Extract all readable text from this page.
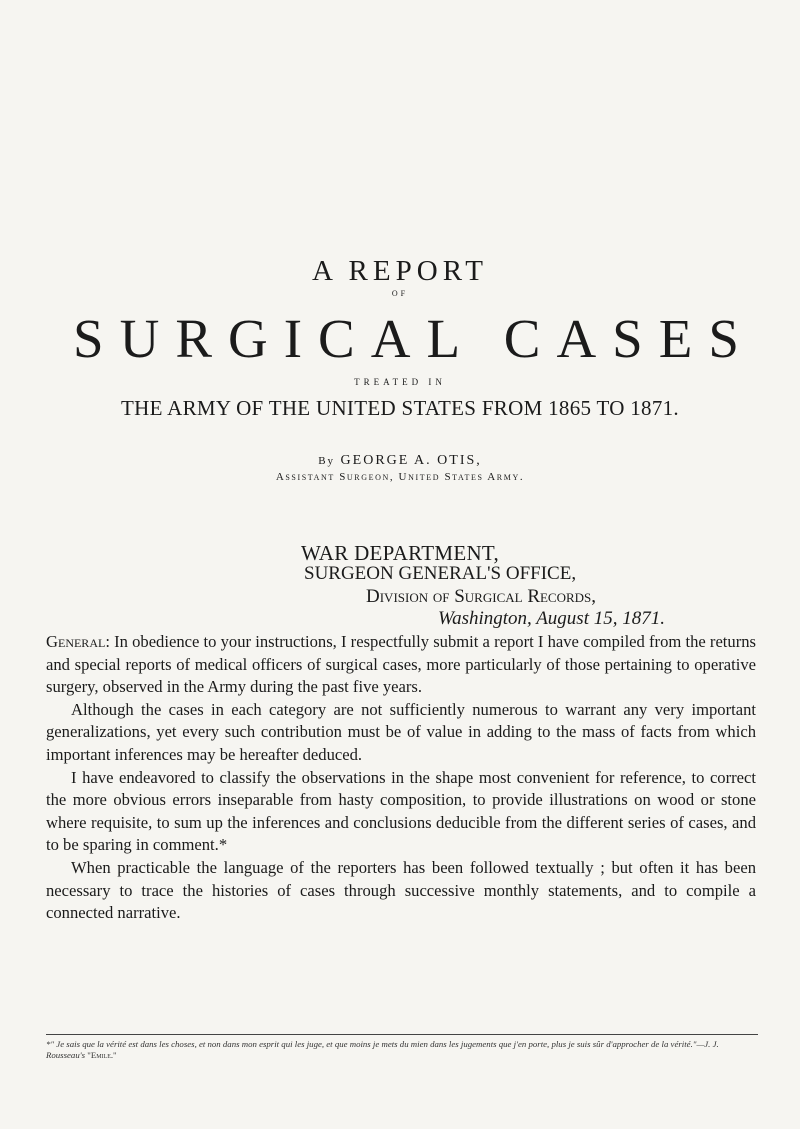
A REPORT
OF
SURGICAL CASES
TREATED IN
THE ARMY OF THE UNITED STATES FROM 1865 TO 1871.
By GEORGE A. OTIS,
Assistant Surgeon, United States Army.
WAR DEPARTMENT,
SURGEON GENERAL'S OFFICE,
Division of Surgical Records,
Washington, August 15, 1871.

General: In obedience to your instructions, I respectfully submit a report I have compiled from the returns and special reports of medical officers of surgical cases, more particularly of those pertaining to operative surgery, observed in the Army during the past five years.

Although the cases in each category are not sufficiently numerous to warrant any very important generalizations, yet every such contribution must be of value in adding to the mass of facts from which important inferences may be hereafter deduced.

I have endeavored to classify the observations in the shape most convenient for reference, to correct the more obvious errors inseparable from hasty composition, to provide illustrations on wood or stone where requisite, to sum up the inferences and conclusions deducible from the different series of cases, and to be sparing in comment.*

When practicable the language of the reporters has been followed textually ; but often it has been necessary to trace the histories of cases through successive monthly statements, and to compile a connected narrative.

*" Je sais que la vérité est dans les choses, et non dans mon esprit qui les juge, et que moins je mets du mien dans les jugements que j'en porte, plus je suis sûr d'approcher de la vérité."—J. J. Rousseau's "Emile."
